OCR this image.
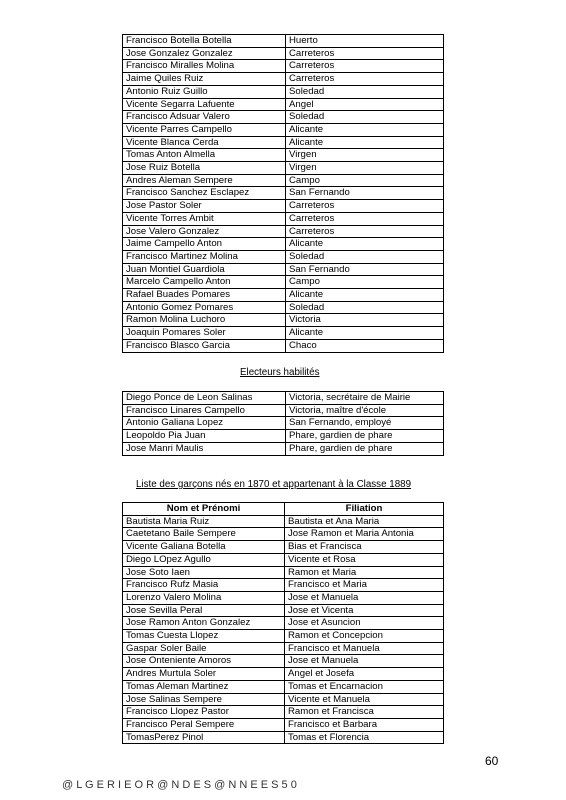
Francisco Botella Botella	Huerto
Jose Gonzalez Gonzalez	Carreteros
Francisco Miralles Molina	Carreteros
Jaime Quiles Ruiz	Carreteros
Antonio Ruiz Guillo	Soledad
Vicente Segarra Lafuente	Angel
Francisco Adsuar Valero	Soledad
Vicente Parres Campello	Alicante
Vicente Blanca Cerda	Alicante
Tomas Anton Almella	Virgen
Jose Ruiz Botella	Virgen
Andres Aleman Sempere	Campo
Francisco Sanchez Esclapez	San Fernando
Jose Pastor Soler	Carreteros
Vicente Torres Ambit	Carreteros
Jose Valero Gonzalez	Carreteros
Jaime Campello Anton	Alicante
Francisco Martinez Molina	Soledad
Juan Montiel Guardiola	San Fernando
Marcelo Campello Anton	Campo
Rafael Buades Pomares	Alicante
Antonio Gomez Pomares	Soledad
Ramon Molina Luchoro	Victoria
Joaquin Pomares Soler	Alicante
Francisco Blasco Garcia	Chaco
Electeurs habilités
Diego Ponce de Leon Salinas	Victoria, secrétaire de Mairie
Francisco Linares Campello	Victoria, maître d'école
Antonio Galiana Lopez	San Fernando, employé
Leopoldo Pia Juan	Phare, gardien de phare
Jose Manri Maulis	Phare, gardien de phare
Liste des garçons nés en 1870 et appartenant à la Classe 1889
Nom et Prénomi	Filiation
Bautista Maria Ruiz	Bautista et Ana Maria
Caetetano Baile Sempere	Jose Ramon et Maria Antonia
Vicente Galiana Botella	Bias et Francisca
Diego LOpez Agullo	Vicente et Rosa
Jose Soto Iaen	Ramon et Maria
Francisco Rufz Masia	Francisco et Maria
Lorenzo Valero Molina	Jose et Manuela
Jose Sevilla Peral	Jose et Vicenta
Jose Ramon Anton Gonzalez	Jose et Asuncion
Tomas Cuesta Llopez	Ramon et Concepcion
Gaspar Soler Baile	Francisco et Manuela
Jose Onteniente Amoros	Jose et Manuela
Andres Murtula Soler	Angel et Josefa
Tomas Aleman Martinez	Tomas et Encarnacion
Jose Salinas Sempere	Vicente et Manuela
Francisco Llopez Pastor	Ramon et Francisca
Francisco Peral Sempere	Francisco et Barbara
TomasPerez Pinol	Tomas et Florencia
60
@ L G E R I E O R @ N D E S @ N N E E S 5 0
